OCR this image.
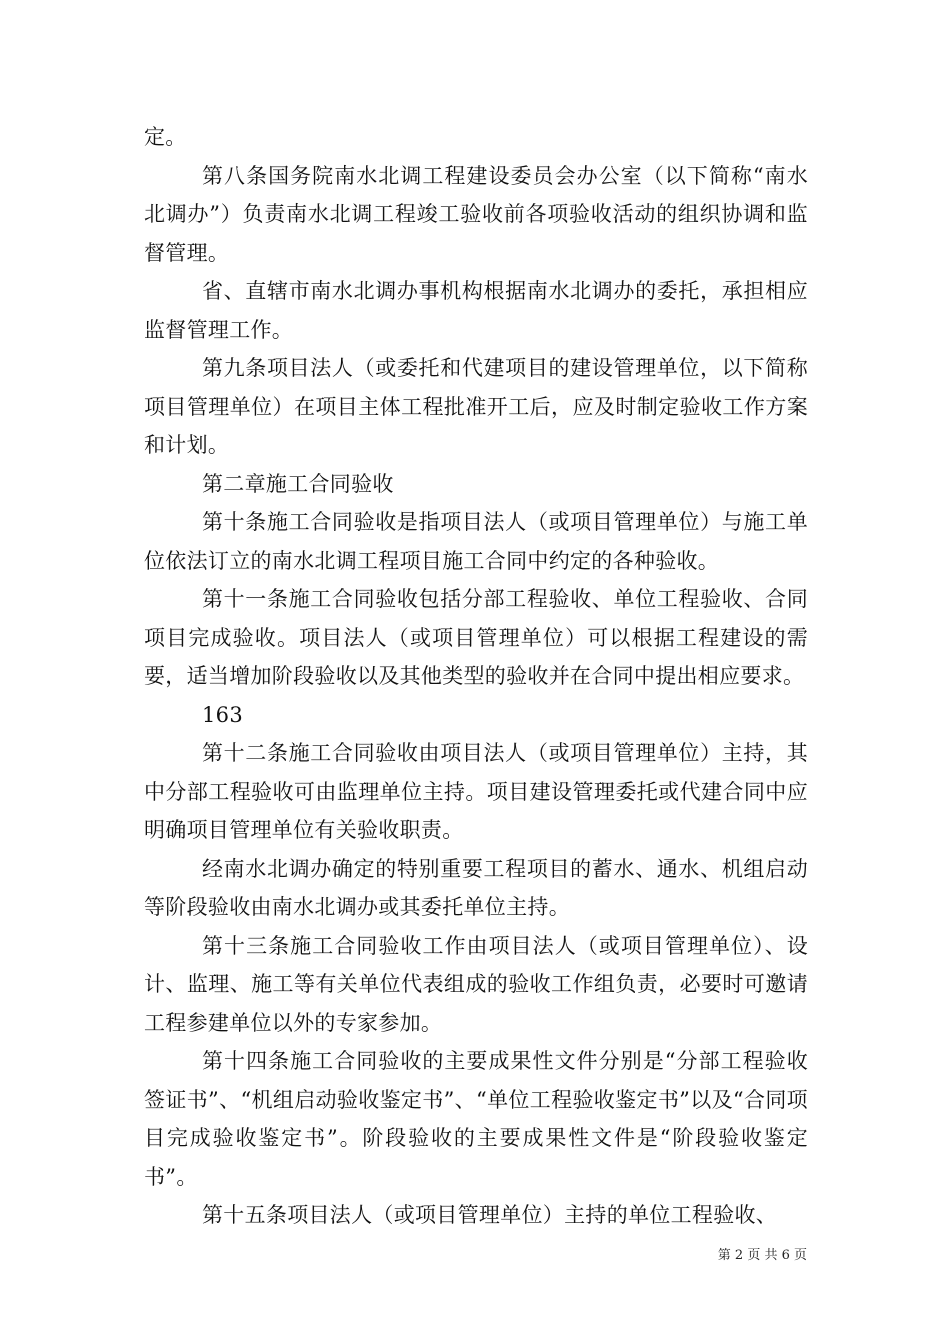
定。

第八条国务院南水北调工程建设委员会办公室（以下简称“南水北调办”）负责南水北调工程竣工验收前各项验收活动的组织协调和监督管理。

省、直辖市南水北调办事机构根据南水北调办的委托，承担相应监督管理工作。

第九条项目法人（或委托和代建项目的建设管理单位，以下简称项目管理单位）在项目主体工程批准开工后，应及时制定验收工作方案和计划。

第二章施工合同验收

第十条施工合同验收是指项目法人（或项目管理单位）与施工单位依法订立的南水北调工程项目施工合同中约定的各种验收。

第十一条施工合同验收包括分部工程验收、单位工程验收、合同项目完成验收。项目法人（或项目管理单位）可以根据工程建设的需要，适当增加阶段验收以及其他类型的验收并在合同中提出相应要求。

163

第十二条施工合同验收由项目法人（或项目管理单位）主持，其中分部工程验收可由监理单位主持。项目建设管理委托或代建合同中应明确项目管理单位有关验收职责。

经南水北调办确定的特别重要工程项目的蓄水、通水、机组启动等阶段验收由南水北调办或其委托单位主持。

第十三条施工合同验收工作由项目法人（或项目管理单位）、设计、监理、施工等有关单位代表组成的验收工作组负责，必要时可邀请工程参建单位以外的专家参加。

第十四条施工合同验收的主要成果性文件分别是“分部工程验收签证书”、“机组启动验收鉴定书”、“单位工程验收鉴定书”以及“合同项目完成验收鉴定书”。阶段验收的主要成果性文件是“阶段验收鉴定书”。

第十五条项目法人（或项目管理单位）主持的单位工程验收、

第 2 页 共 6 页
